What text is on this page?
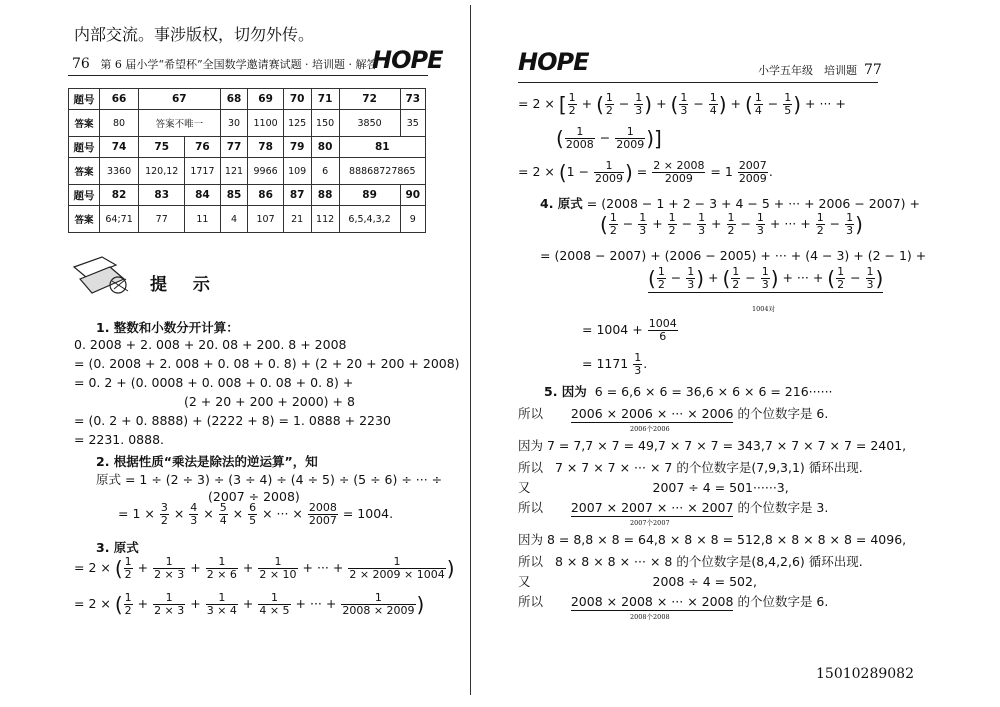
内部交流。事涉版权，切勿外传。
76 第 6 届小学“希望杯”全国数学邀请赛试题 · 培训题 · 解答
HOPE	HOPE	小学五年级　培训题 77
题号	66	67		68	69	70	71	72	73
答案	80	答案不唯一		30	1100	125	150	3850	35
题号	74	75	76	77	78	79	80	81	
答案	3360	120,12	1717	121	9966	109	6	88868727865	
题号	82	83	84	85	86	87	88	89	90
答案	64;71	77	11	4	107	21	112	6,5,4,3,2	9
提 示
1. 整数和小数分开计算：
0. 2008 + 2. 008 + 20. 08 + 200. 8 + 2008
= (0. 2008 + 2. 008 + 0. 08 + 0. 8) + (2 + 20 + 200 + 2008)
= 0. 2 + (0. 0008 + 0. 008 + 0. 08 + 0. 8) +
(2 + 20 + 200 + 2000) + 8
= (0. 2 + 0. 8888) + (2222 + 8) = 1. 0888 + 2230
= 2231. 0888.
2. 根据性质“乘法是除法的逆运算”，知
原式 = 1 ÷ (2 ÷ 3) ÷ (3 ÷ 4) ÷ (4 ÷ 5) ÷ (5 ÷ 6) ÷ ··· ÷
(2007 ÷ 2008)
= $1 \times \frac{3}{2} \times \frac{4}{3} \times \frac{5}{4} \times \frac{6}{5}$ × ··· × $\frac{2008}{2007} = 1004$.
3. 原式
= 2 × ( $\frac{1}{2} + \frac{1}{2 \times 3} + \frac{1}{2 \times 6} + \frac{1}{2 \times 10}$ + ··· + $\frac{1}{2 \times 2009 \times 1004}$ )
= 2 × ( $\frac{1}{2} + \frac{1}{2 \times 3} + \frac{1}{3 \times 4} + \frac{1}{4 \times 5}$ + ··· + $\frac{1}{2008 \times 2009}$ )
= 2 × [ $\frac{1}{2}$ + ( $\frac{1}{2} - \frac{1}{3}$ ) + ( $\frac{1}{3} - \frac{1}{4}$ ) + ( $\frac{1}{4} - \frac{1}{5}$ ) + ··· +
( $\frac{1}{2008} - \frac{1}{2009}$ )]
= $2 \times (1 - \frac{1}{2009}$ ) = $\frac{2 \times 2008}{2009} = 1 \frac{2007}{2009}$ .
4. 原式 = (2008 − 1 + 2 − 3 + 4 − 5 + ··· + 2006 − 2007) +
( $\frac{1}{2} - \frac{1}{3} + \frac{1}{2} - \frac{1}{3} + \frac{1}{2} - \frac{1}{3}$ + ··· + $\frac{1}{2} - \frac{1}{3}$ )
= (2008 − 2007) + (2006 − 2005) + ··· + (4 − 3) + (2 − 1) +
( $\frac{1}{2} - \frac{1}{3}$ ) + ( $\frac{1}{2} - \frac{1}{3}$ ) + ··· + ( $\frac{1}{2} - \frac{1}{3}$ )
1004对
= $1004 + \frac{1004}{6}$
= $1171 \frac{1}{3}$ .
5. 因为 6 = 6,6 × 6 = 36,6 × 6 × 6 = 216······
所以 2006 × 2006 × ··· × 2006 的个位数字是 6.
2006个2006
因为 7 = 7,7 × 7 = 49,7 × 7 × 7 = 343,7 × 7 × 7 × 7 = 2401,
所以 7 × 7 × 7 × ··· × 7 的个位数字是(7,9,3,1) 循环出现.
又	2007 ÷ 4 = 501······3,
所以 2007 × 2007 × ··· × 2007 的个位数字是 3.
2007个2007
因为 8 = 8,8 × 8 = 64,8 × 8 × 8 = 512,8 × 8 × 8 × 8 = 4096,
所以 8 × 8 × 8 × ··· × 8 的个位数字是(8,4,2,6) 循环出现.
又	2008 ÷ 4 = 502,
所以 2008 × 2008 × ··· × 2008 的个位数字是 6.
2008个2008
15010289082
